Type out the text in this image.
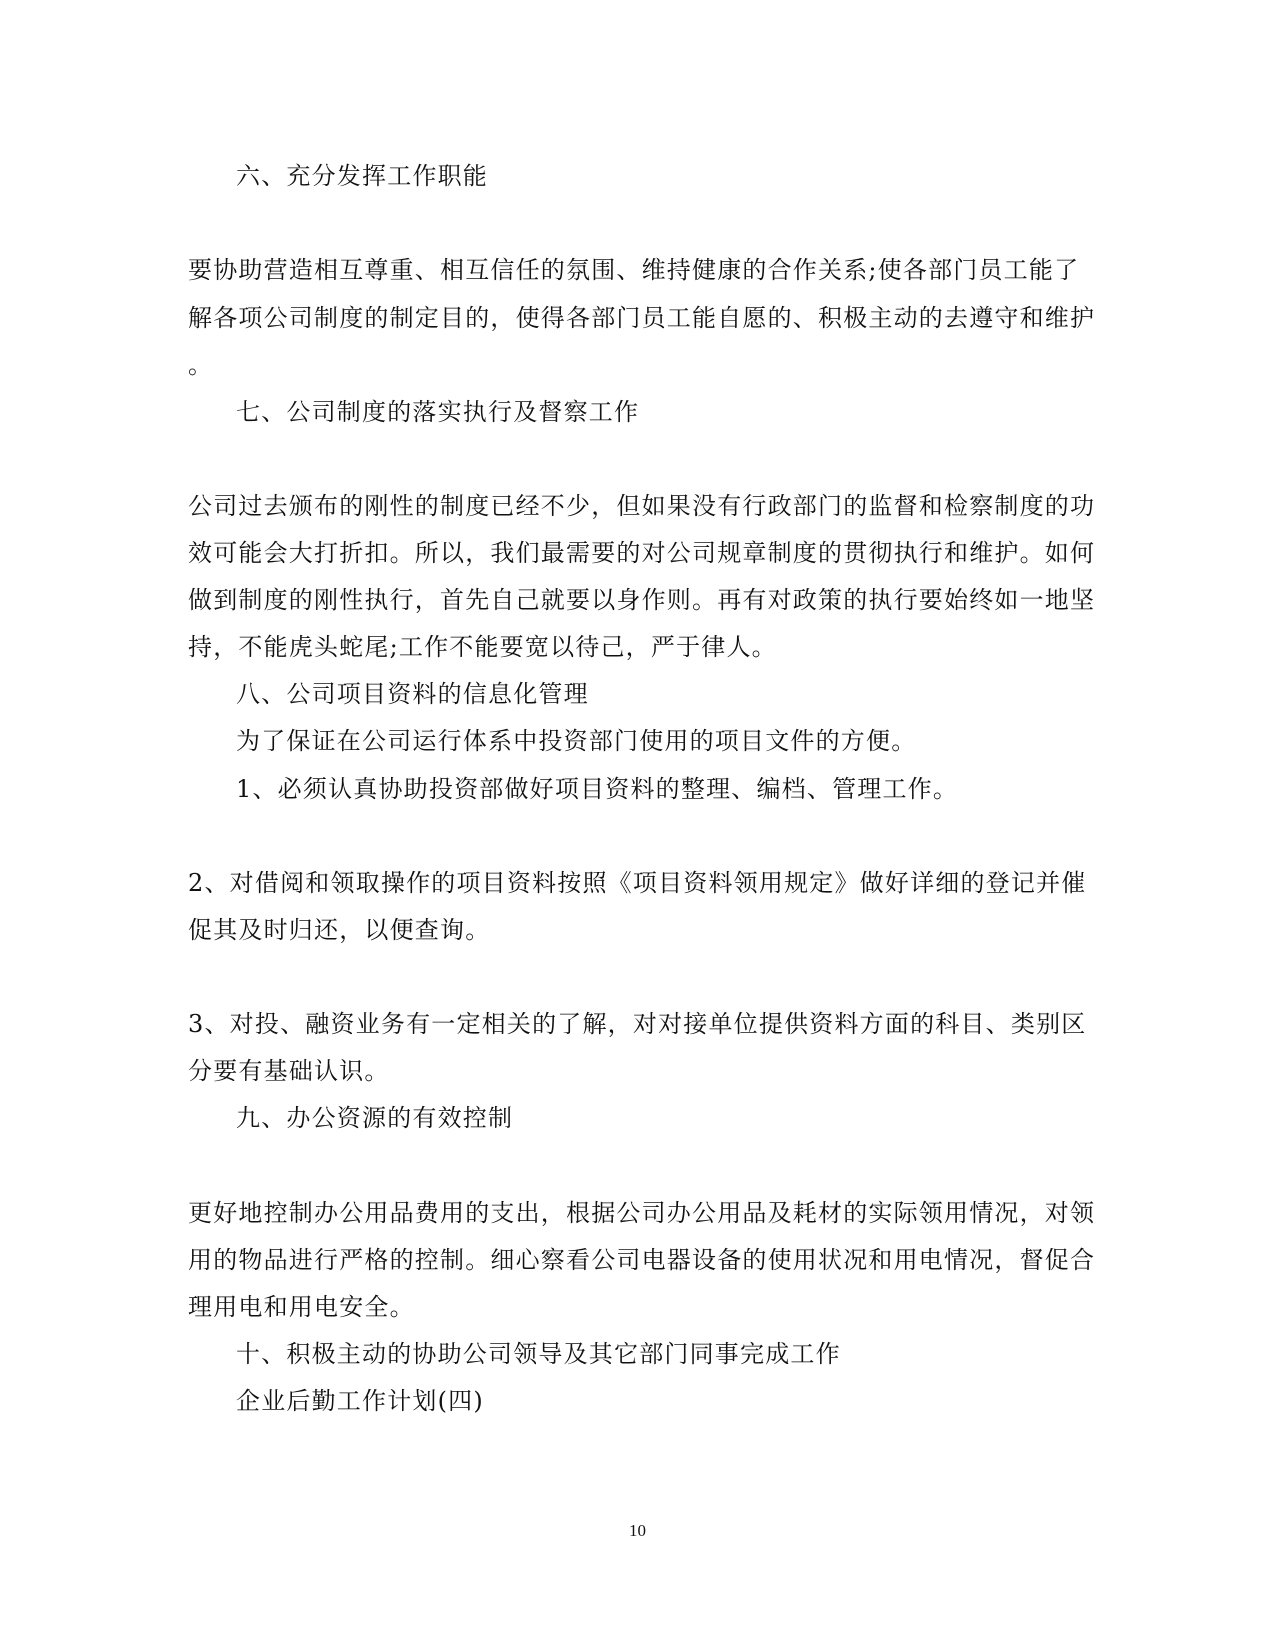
六、充分发挥工作职能
要协助营造相互尊重、相互信任的氛围、维持健康的合作关系;使各部门员工能了
解各项公司制度的制定目的，使得各部门员工能自愿的、积极主动的去遵守和维护
。
七、公司制度的落实执行及督察工作
公司过去颁布的刚性的制度已经不少，但如果没有行政部门的监督和检察制度的功
效可能会大打折扣。所以，我们最需要的对公司规章制度的贯彻执行和维护。如何
做到制度的刚性执行，首先自己就要以身作则。再有对政策的执行要始终如一地坚
持，不能虎头蛇尾;工作不能要宽以待己，严于律人。
八、公司项目资料的信息化管理
为了保证在公司运行体系中投资部门使用的项目文件的方便。
1、必须认真协助投资部做好项目资料的整理、编档、管理工作。
2、对借阅和领取操作的项目资料按照《项目资料领用规定》做好详细的登记并催
促其及时归还，以便查询。
3、对投、融资业务有一定相关的了解，对对接单位提供资料方面的科目、类别区
分要有基础认识。
九、办公资源的有效控制
更好地控制办公用品费用的支出，根据公司办公用品及耗材的实际领用情况，对领
用的物品进行严格的控制。细心察看公司电器设备的使用状况和用电情况，督促合
理用电和用电安全。
十、积极主动的协助公司领导及其它部门同事完成工作
企业后勤工作计划(四)
10
